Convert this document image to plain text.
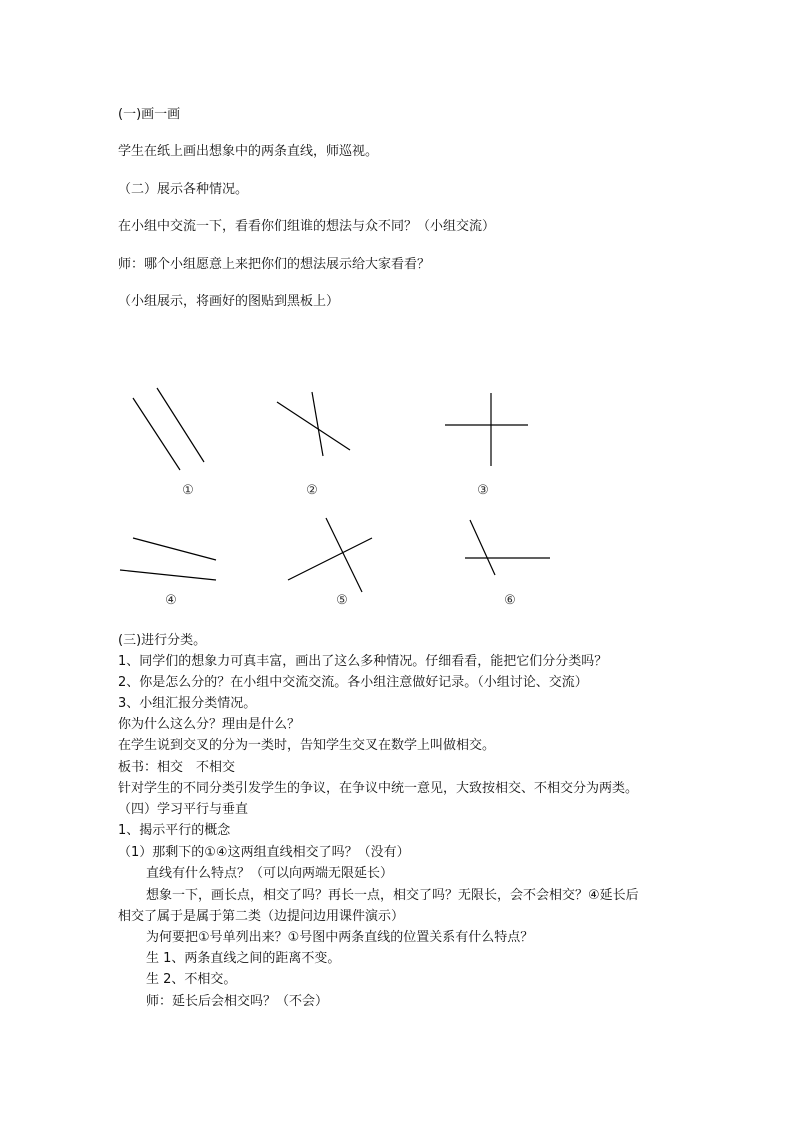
(一)画一画
学生在纸上画出想象中的两条直线，师巡视。
（二）展示各种情况。
在小组中交流一下，看看你们组谁的想法与众不同？（小组交流）
师：哪个小组愿意上来把你们的想法展示给大家看看？
（小组展示，将画好的图贴到黑板上）
①	②	③
④	⑤	⑥
(三)进行分类。
1、同学们的想象力可真丰富，画出了这么多种情况。仔细看看，能把它们分分类吗？
2、你是怎么分的？在小组中交流交流。各小组注意做好记录。（小组讨论、交流）
3、小组汇报分类情况。
你为什么这么分？理由是什么？
在学生说到交叉的分为一类时，告知学生交叉在数学上叫做相交。
板书：相交　不相交
针对学生的不同分类引发学生的争议，在争议中统一意见，大致按相交、不相交分为两类。
（四）学习平行与垂直
1、揭示平行的概念
（1）那剩下的①④这两组直线相交了吗？（没有）
直线有什么特点？（可以向两端无限延长）
想象一下，画长点，相交了吗？再长一点，相交了吗？无限长，会不会相交？④延长后
相交了属于是属于第二类（边提问边用课件演示）
为何要把①号单列出来？①号图中两条直线的位置关系有什么特点？
生 1、两条直线之间的距离不变。
生 2、不相交。
师：延长后会相交吗？（不会）
